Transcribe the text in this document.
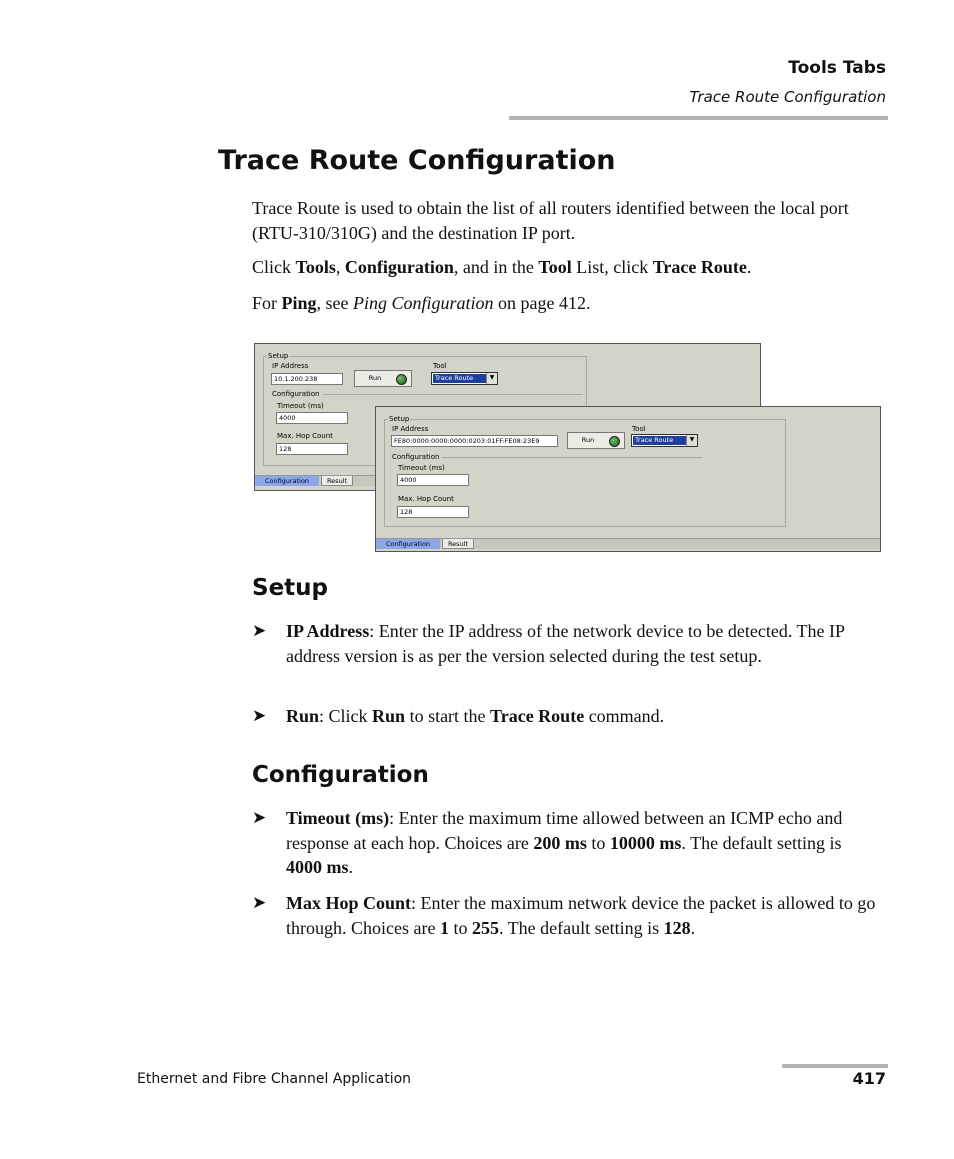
Tools Tabs
Trace Route Configuration
Trace Route Configuration
Trace Route is used to obtain the list of all routers identified between the local port (RTU-310/310G) and the destination IP port.
Click Tools, Configuration, and in the Tool List, click Trace Route.
For Ping, see Ping Configuration on page 412.
Setup
IP Address
10.1.200.238	Run
Tool
Trace Route	▼
Configuration
Timeout (ms)
4000
Max. Hop Count
128
Configuration	Result
Setup
IP Address
FE80:0000:0000:0000:0203:01FF:FE08:23E9	Run
Tool
Trace Route	▼
Configuration
Timeout (ms)
4000
Max. Hop Count
128
Configuration	Result
Setup
➤	IP Address: Enter the IP address of the network device to be detected. The IP address version is as per the version selected during the test setup.
➤	Run: Click Run to start the Trace Route command.
Configuration
➤	Timeout (ms): Enter the maximum time allowed between an ICMP echo and response at each hop. Choices are 200 ms to 10000 ms. The default setting is 4000 ms.
➤	Max Hop Count: Enter the maximum network device the packet is allowed to go through. Choices are 1 to 255. The default setting is 128.
Ethernet and Fibre Channel Application	417
